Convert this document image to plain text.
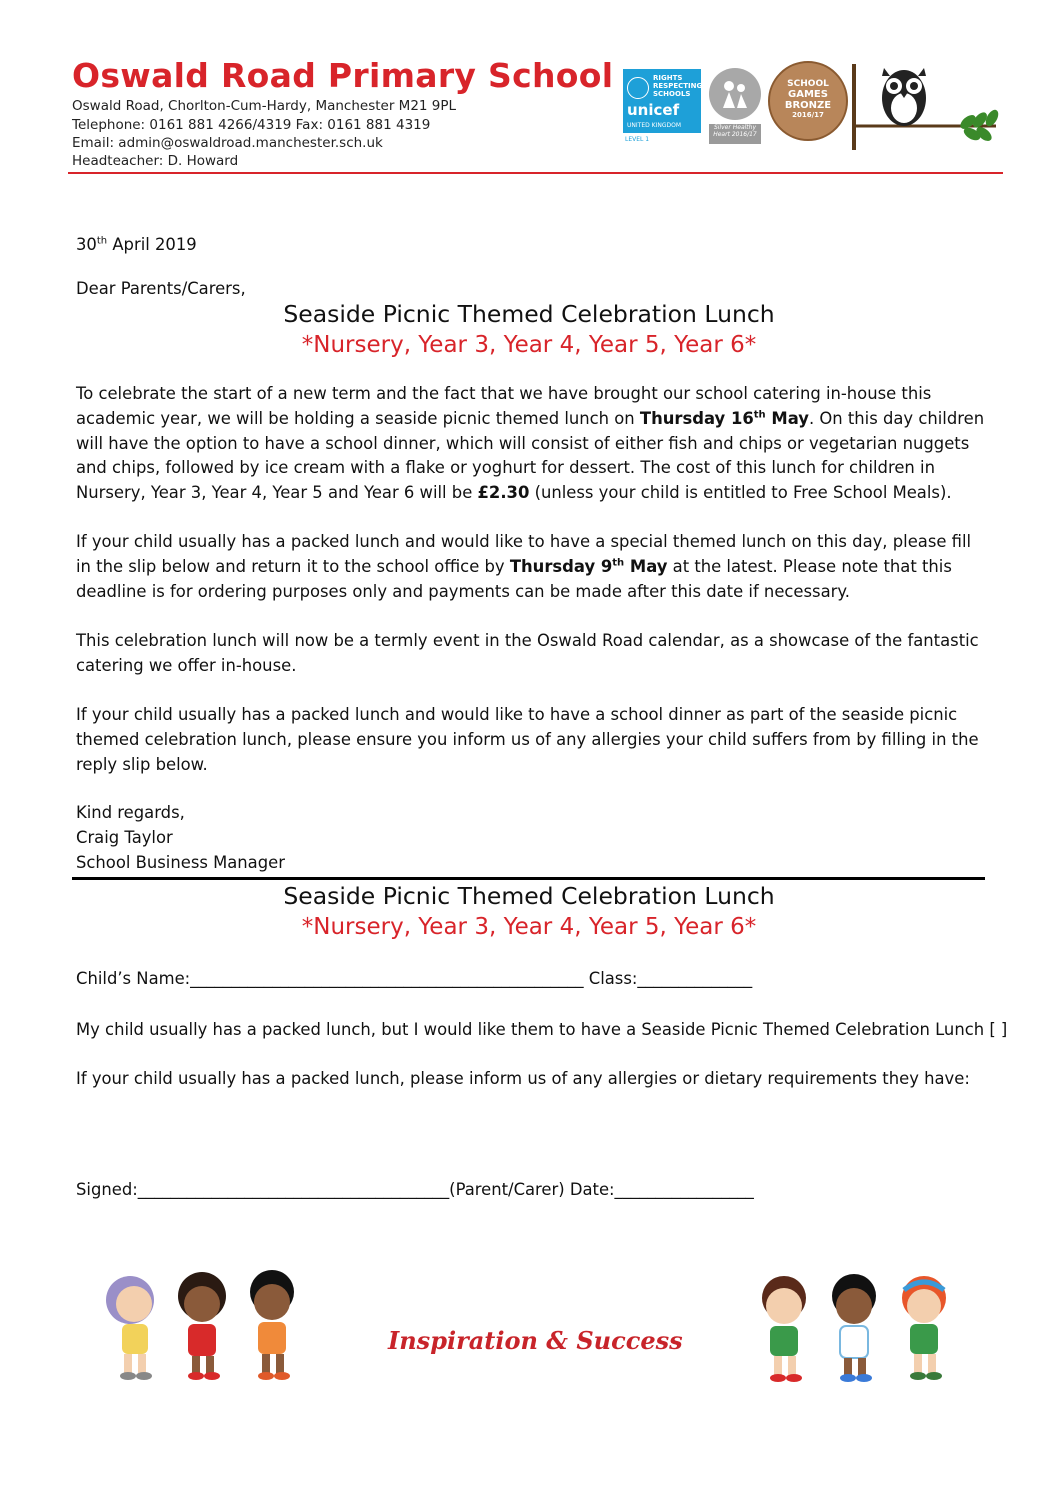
Oswald Road Primary School
Oswald Road, Chorlton-Cum-Hardy, Manchester M21 9PL
Telephone: 0161 881 4266/4319 Fax: 0161 881 4319
Email: admin@oswaldroad.manchester.sch.uk
Headteacher: D. Howard
RIGHTS
RESPECTING
SCHOOLS
unicef
UNITED KINGDOM
LEVEL 1
Silver Healthy Heart 2016/17
SCHOOL
GAMES
BRONZE
2016/17
30th April 2019
Dear Parents/Carers,
Seaside Picnic Themed Celebration Lunch
*Nursery, Year 3, Year 4, Year 5, Year 6*
To celebrate the start of a new term and the fact that we have brought our school catering in-house this academic year, we will be holding a seaside picnic themed lunch on Thursday 16th May. On this day children will have the option to have a school dinner, which will consist of either fish and chips or vegetarian nuggets and chips, followed by ice cream with a flake or yoghurt for dessert. The cost of this lunch for children in Nursery, Year 3, Year 4, Year 5 and Year 6 will be £2.30 (unless your child is entitled to Free School Meals).
If your child usually has a packed lunch and would like to have a special themed lunch on this day, please fill in the slip below and return it to the school office by Thursday 9th May at the latest. Please note that this deadline is for ordering purposes only and payments can be made after this date if necessary.
This celebration lunch will now be a termly event in the Oswald Road calendar, as a showcase of the fantastic catering we offer in-house.
If your child usually has a packed lunch and would like to have a school dinner as part of the seaside picnic themed celebration lunch, please ensure you inform us of any allergies your child suffers from by filling in the reply slip below.
Kind regards,
Craig Taylor
School Business Manager
Seaside Picnic Themed Celebration Lunch
*Nursery, Year 3, Year 4, Year 5, Year 6*
Child’s Name:________________________________________________ Class:______________
My child usually has a packed lunch, but I would like them to have a Seaside Picnic Themed Celebration Lunch [ ]
If your child usually has a packed lunch, please inform us of any allergies or dietary requirements they have:
Signed:______________________________________(Parent/Carer) Date:_________________
Inspiration & Success
